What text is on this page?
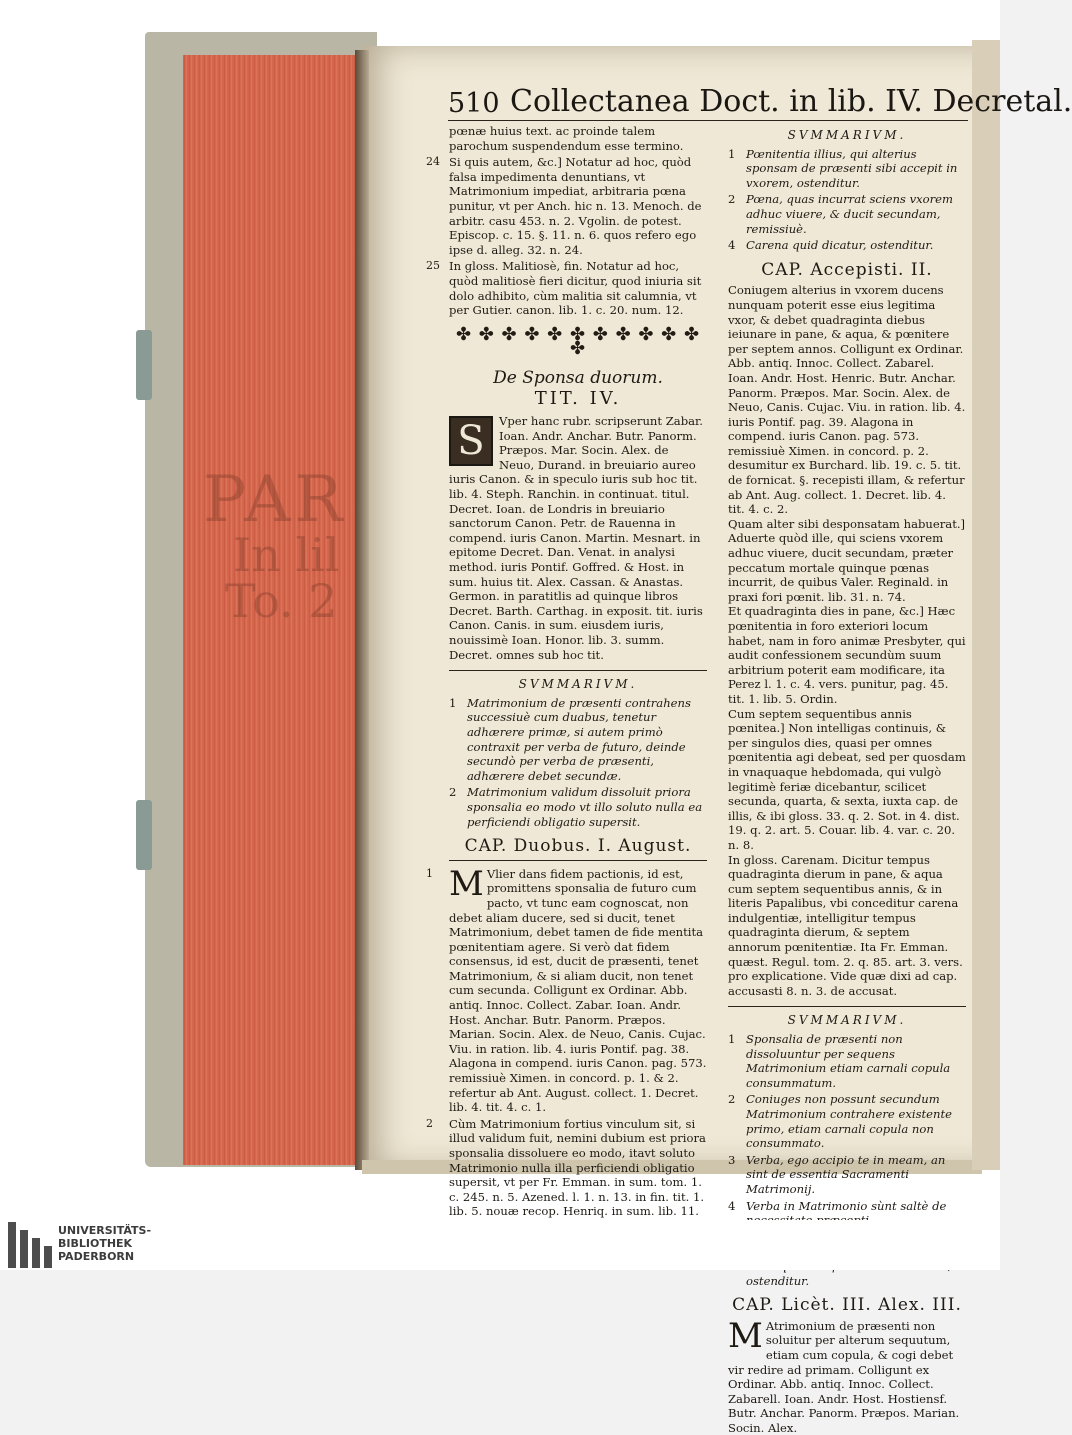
PAR
In lil
To. 2
510 Collectanea Doct. in lib. IV. Decretal.

pœnæ huius text. ac proinde talem parochum suspendendum esse termino.

24 Si quis autem, &c.] Notatur ad hoc, quòd falsa impedimenta denuntians, vt Matrimonium impediat, arbitraria pœna punitur, vt per Anch. hic n. 13. Menoch. de arbitr. casu 453. n. 2. Vgolin. de potest. Episcop. c. 15. §. 11. n. 6. quos refero ego ipse d. alleg. 32. n. 24.

25 In gloss. Malitiosè, fin. Notatur ad hoc, quòd malitiosè fieri dicitur, quod iniuria sit dolo adhibito, cùm malitia sit calumnia, vt per Gutier. canon. lib. 1. c. 20. num. 12.

✤ ✤ ✤ ✤ ✤ ✤ ✤ ✤ ✤ ✤ ✤ ✤
De Sponsa duorum.
TIT. IV.
S	Vper hanc rubr. scripserunt Zabar. Ioan. Andr. Anchar. Butr. Panorm. Præpos. Mar. Socin. Alex. de Neuo, Durand. in breuiario aureo iuris Canon. & in speculo iuris sub hoc tit. lib. 4. Steph. Ranchin. in continuat. titul. Decret. Ioan. de Londris in breuiario sanctorum Canon. Petr. de Rauenna in compend. iuris Canon. Martin. Mesnart. in epitome Decret. Dan. Venat. in analysi method. iuris Pontif. Goffred. & Host. in sum. huius tit. Alex. Cassan. & Anastas. Germon. in paratitlis ad quinque libros Decret. Barth. Carthag. in exposit. tit. iuris Canon. Canis. in sum. eiusdem iuris, nouissimè Ioan. Honor. lib. 3. summ. Decret. omnes sub hoc tit.

SVMMARIVM.
1 Matrimonium de præsenti contrahens successiuè cum duabus, tenetur adhærere primæ, si autem primò contraxit per verba de futuro, deinde secundò per verba de præsenti, adhærere debet secundæ.
2 Matrimonium validum dissoluit priora sponsalia eo modo vt illo soluto nulla ea perficiendi obligatio supersit.
CAP. Duobus. I. August.
1 M Vlier dans fidem pactionis, id est, promittens sponsalia de futuro cum pacto, vt tunc eam cognoscat, non debet aliam ducere, sed si ducit, tenet Matrimonium, debet tamen de fide mentita pœnitentiam agere. Si verò dat fidem consensus, id est, ducit de præsenti, tenet Matrimonium, & si aliam ducit, non tenet cum secunda. Colligunt ex Ordinar. Abb. antiq. Innoc. Collect. Zabar. Ioan. Andr. Host. Anchar. Butr. Panorm. Præpos. Marian. Socin. Alex. de Neuo, Canis. Cujac. Viu. in ration. lib. 4. iuris Pontif. pag. 38. Alagona in compend. iuris Canon. pag. 573. remissiuè Ximen. in concord. p. 1. & 2. refertur ab Ant. August. collect. 1. Decret. lib. 4. tit. 4. c. 1.

2 Cùm Matrimonium fortius vinculum sit, si illud validum fuit, nemini dubium est priora sponsalia dissoluere eo modo, itavt soluto Matrimonio nulla illa perficiendi obligatio supersit, vt per Fr. Emman. in sum. tom. 1. c. 245. n. 5. Azened. l. 1. n. 13. in fin. tit. 1. lib. 5. nouæ recop. Henriq. in sum. lib. 11.

SVMMARIVM.
1 Pœnitentia illius, qui alterius sponsam de præsenti sibi accepit in vxorem, ostenditur.
2 Pœna, quas incurrat sciens vxorem adhuc viuere, & ducit secundam, remissiuè.
4 Carena quid dicatur, ostenditur.
CAP. Accepisti. II.

Coniugem alterius in vxorem ducens nunquam poterit esse eius legitima vxor, & debet quadraginta diebus ieiunare in pane, & aqua, & pœnitere per septem annos. Colligunt ex Ordinar. Abb. antiq. Innoc. Collect. Zabarel. Ioan. Andr. Host. Henric. Butr. Anchar. Panorm. Præpos. Mar. Socin. Alex. de Neuo, Canis. Cujac. Viu. in ration. lib. 4. iuris Pontif. pag. 39. Alagona in compend. iuris Canon. pag. 573. remissiuè Ximen. in concord. p. 2. desumitur ex Burchard. lib. 19. c. 5. tit. de fornicat. §. recepisti illam, & refertur ab Ant. Aug. collect. 1. Decret. lib. 4. tit. 4. c. 2.

Quam alter sibi desponsatam habuerat.] Aduerte quòd ille, qui sciens vxorem adhuc viuere, ducit secundam, præter peccatum mortale quinque pœnas incurrit, de quibus Valer. Reginald. in praxi fori pœnit. lib. 31. n. 74.

Et quadraginta dies in pane, &c.] Hæc pœnitentia in foro exteriori locum habet, nam in foro animæ Presbyter, qui audit confessionem secundùm suum arbitrium poterit eam modificare, ita Perez l. 1. c. 4. vers. punitur, pag. 45. tit. 1. lib. 5. Ordin.

Cum septem sequentibus annis pœnitea.] Non intelligas continuis, & per singulos dies, quasi per omnes pœnitentia agi debeat, sed per quosdam in vnaquaque hebdomada, qui vulgò legitimè feriæ dicebantur, scilicet secunda, quarta, & sexta, iuxta cap. de illis, & ibi gloss. 33. q. 2. Sot. in 4. dist. 19. q. 2. art. 5. Couar. lib. 4. var. c. 20. n. 8.

In gloss. Carenam. Dicitur tempus quadraginta dierum in pane, & aqua cum septem sequentibus annis, & in literis Papalibus, vbi conceditur carena indulgentiæ, intelligitur tempus quadraginta dierum, & septem annorum pœnitentiæ. Ita Fr. Emman. quæst. Regul. tom. 2. q. 85. art. 3. vers. pro explicatione. Vide quæ dixi ad cap. accusasti 8. n. 3. de accusat.

SVMMARIVM.
1 Sponsalia de præsenti non dissoluuntur per sequens Matrimonium etiam carnali copula consummatum.
2 Coniuges non possunt secundum Matrimonium contrahere existente primo, etiam carnali copula non consummato.
3 Verba, ego accipio te in meam, an sint de essentia Sacramenti Matrimonij.
4 Verba in Matrimonio sùnt saltè de
ostenditur.
CAP. Licèt. III. Alex. III.
M Atrimonium de præsenti non soluitur per alterum sequutum, etiam cum copula, & cogi debet vir redire ad primam. Colligunt ex Ordinar. Abb. antiq. Innoc. Collect. Zabarell. Ioan. Andr. Host. Hostiensf. Butr. Anchar. Panorm. Præpos. Marian. Socin. Alex.

UNIVERSITÄTS-
BIBLIOTHEK
PADERBORN
